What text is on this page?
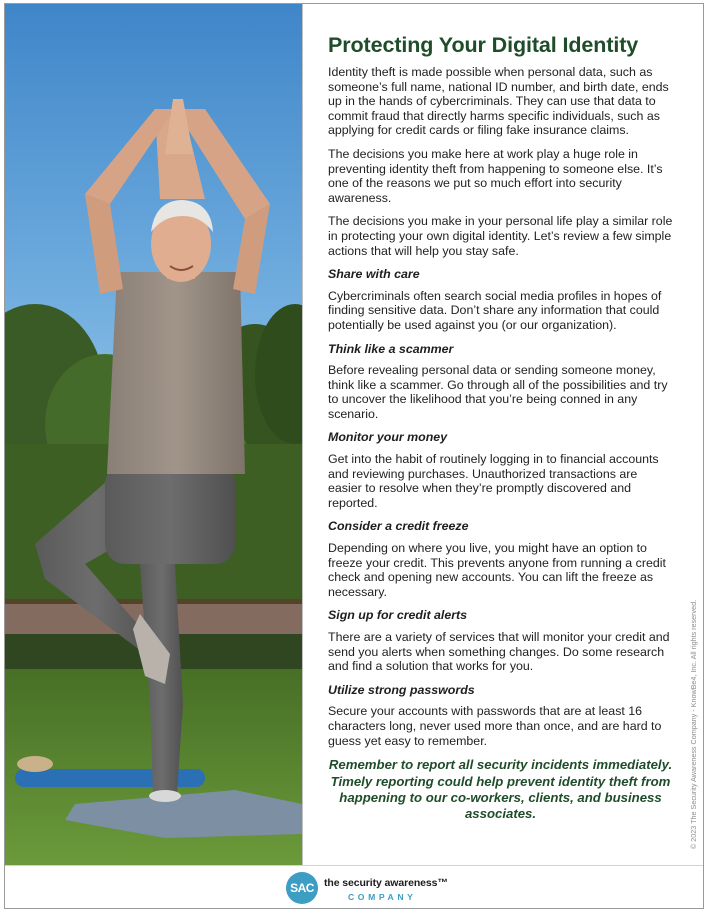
Protecting Your Digital Identity

Identity theft is made possible when personal data, such as someone’s full name, national ID number, and birth date, ends up in the hands of cybercriminals. They can use that data to commit fraud that directly harms specific individuals, such as applying for credit cards or filing fake insurance claims.

The decisions you make here at work play a huge role in preventing identity theft from happening to someone else. It’s one of the reasons we put so much effort into security awareness.

The decisions you make in your personal life play a similar role in protecting your own digital identity. Let’s review a few simple actions that will help you stay safe.

Share with care

Cybercriminals often search social media profiles in hopes of finding sensitive data. Don’t share any information that could potentially be used against you (or our organization).

Think like a scammer

Before revealing personal data or sending someone money, think like a scammer. Go through all of the possibilities and try to uncover the likelihood that you’re being conned in any scenario.

Monitor your money

Get into the habit of routinely logging in to financial accounts and reviewing purchases. Unauthorized transactions are easier to resolve when they’re promptly discovered and reported.

Consider a credit freeze

Depending on where you live, you might have an option to freeze your credit. This prevents anyone from running a credit check and opening new accounts. You can lift the freeze as necessary.

Sign up for credit alerts

There are a variety of services that will monitor your credit and send you alerts when something changes. Do some research and find a solution that works for you.

Utilize strong passwords

Secure your accounts with passwords that are at least 16 characters long, never used more than once, and are hard to guess yet easy to remember.

Remember to report all security incidents immediately. Timely reporting could help prevent identity theft from happening to our co-workers, clients, and business associates.	© 2023 The Security Awareness Company - KnowBe4, Inc. All rights reserved.
SAC the security awareness™
COMPANY
